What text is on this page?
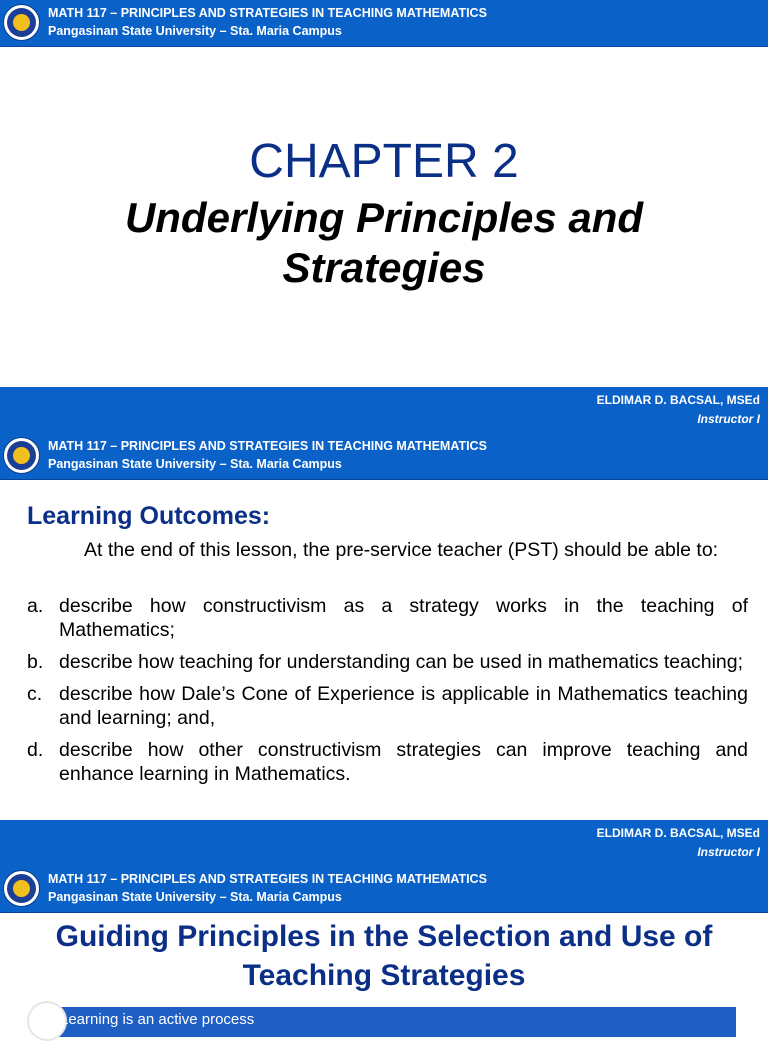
MATH 117 – PRINCIPLES AND STRATEGIES IN TEACHING MATHEMATICS
Pangasinan State University – Sta. Maria Campus
CHAPTER 2
Underlying Principles and
Strategies
ELDIMAR D. BACSAL, MSEd
Instructor I
MATH 117 – PRINCIPLES AND STRATEGIES IN TEACHING MATHEMATICS
Pangasinan State University – Sta. Maria Campus
ELDIMAR D. BACSAL, MSEd
Instructor I
Learning Outcomes:

At the end of this lesson, the pre-service teacher (PST) should be able to:

a. describe how constructivism as a strategy works in the teaching of Mathematics;
b. describe how teaching for understanding can be used in mathematics teaching;
c. describe how Dale’s Cone of Experience is applicable in Mathematics teaching and learning; and,
d. describe how other constructivism strategies can improve teaching and enhance learning in Mathematics.
MATH 117 – PRINCIPLES AND STRATEGIES IN TEACHING MATHEMATICS
Pangasinan State University – Sta. Maria Campus
Guiding Principles in the Selection and Use of
Teaching Strategies
Learning is an active process
